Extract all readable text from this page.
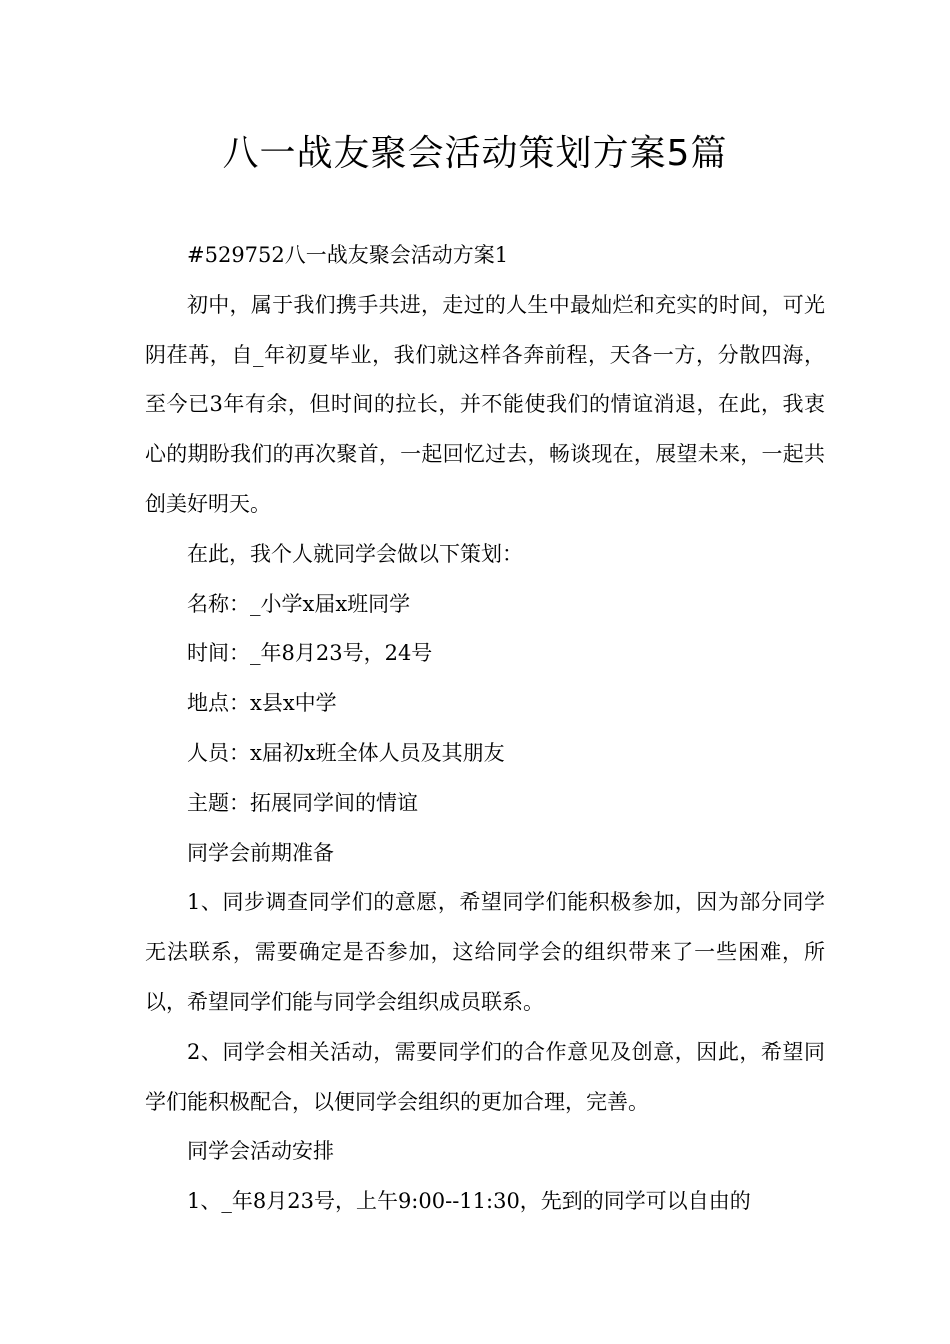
八一战友聚会活动策划方案5篇

#529752八一战友聚会活动方案1

初中，属于我们携手共进，走过的人生中最灿烂和充实的时间，可光阴荏苒，自_年初夏毕业，我们就这样各奔前程，天各一方，分散四海，至今已3年有余，但时间的拉长，并不能使我们的情谊消退，在此，我衷心的期盼我们的再次聚首，一起回忆过去，畅谈现在，展望未来，一起共创美好明天。

在此，我个人就同学会做以下策划：

名称：_小学x届x班同学

时间：_年8月23号，24号

地点：x县x中学

人员：x届初x班全体人员及其朋友

主题：拓展同学间的情谊

同学会前期准备

1、同步调查同学们的意愿，希望同学们能积极参加，因为部分同学无法联系，需要确定是否参加，这给同学会的组织带来了一些困难，所以，希望同学们能与同学会组织成员联系。

2、同学会相关活动，需要同学们的合作意见及创意，因此，希望同学们能积极配合，以便同学会组织的更加合理，完善。

同学会活动安排

1、_年8月23号，上午9:00--11:30，先到的同学可以自由的
